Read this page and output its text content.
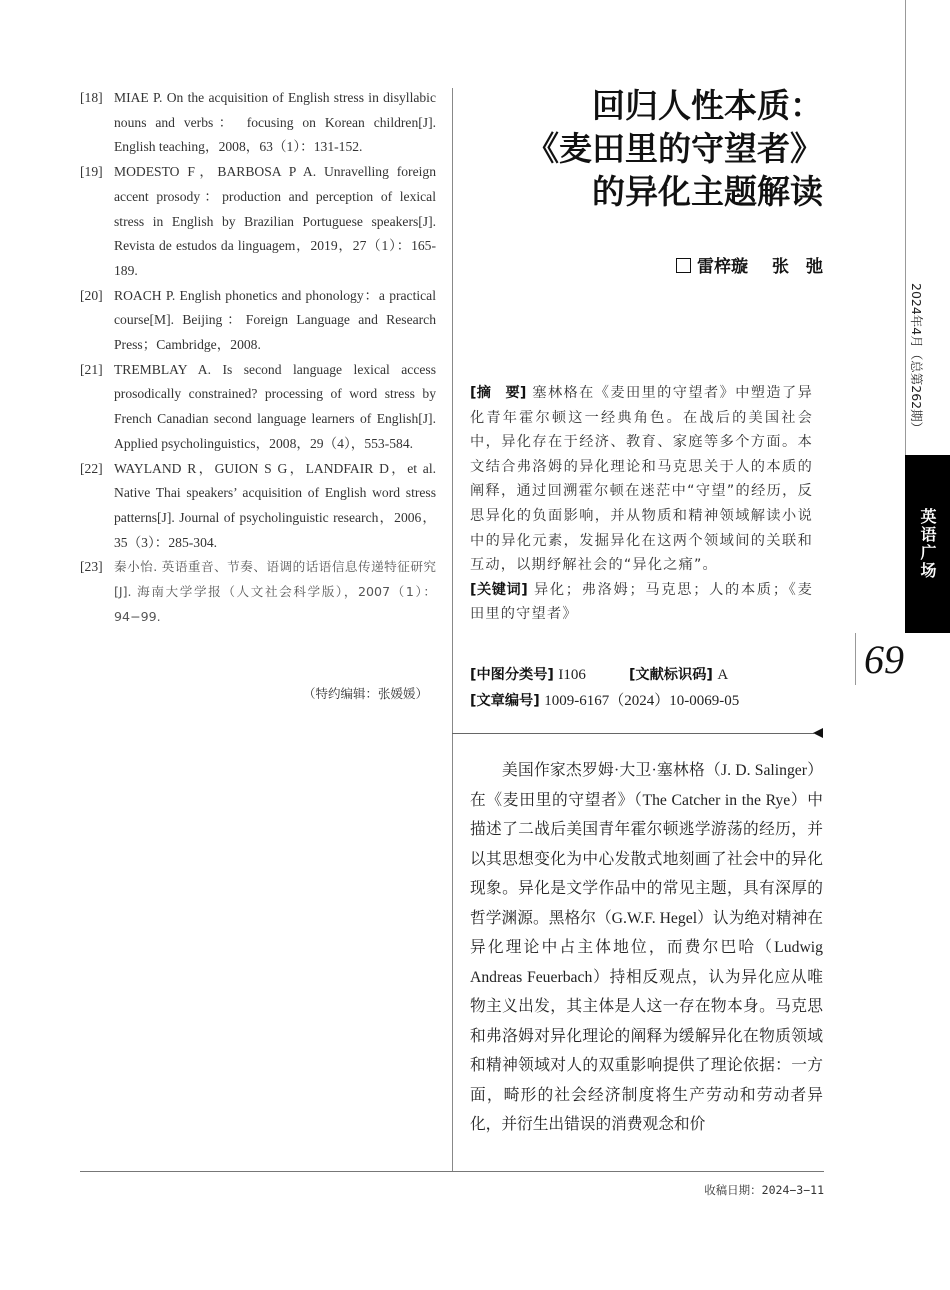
[18] MIAE P. On the acquisition of English stress in disyllabic nouns and verbs： focusing on Korean children[J]. English teaching，2008，63（1）：131-152.
[19] MODESTO F，BARBOSA P A. Unravelling foreign accent prosody：production and perception of lexical stress in English by Brazilian Portuguese speakers[J]. Revista de estudos da linguagem，2019，27（1）：165-189.
[20] ROACH P. English phonetics and phonology：a practical course[M]. Beijing：Foreign Language and Research Press；Cambridge，2008.
[21] TREMBLAY A. Is second language lexical access prosodically constrained? processing of word stress by French Canadian second language learners of English[J]. Applied psycholinguistics，2008，29（4），553-584.
[22] WAYLAND R，GUION S G，LANDFAIR D，et al. Native Thai speakers’ acquisition of English word stress patterns[J]. Journal of psycholinguistic research，2006，35（3）：285-304.
[23] 秦小怡. 英语重音、节奏、语调的话语信息传递特征研究[J]. 海南大学学报（人文社会科学版），2007（1）：94−99.
（特约编辑：张媛媛）
回归人性本质：
《麦田里的守望者》
的异化主题解读
雷梓璇 张　弛
[摘　要] 塞林格在《麦田里的守望者》中塑造了异化青年霍尔顿这一经典角色。在战后的美国社会中，异化存在于经济、教育、家庭等多个方面。本文结合弗洛姆的异化理论和马克思关于人的本质的阐释，通过回溯霍尔顿在迷茫中“守望”的经历，反思异化的负面影响，并从物质和精神领域解读小说中的异化元素，发掘异化在这两个领域间的关联和互动，以期纾解社会的“异化之痛”。
[关键词] 异化；弗洛姆；马克思；人的本质；《麦田里的守望者》
[中图分类号] I106	[文献标识码] A
[文章编号] 1009-6167（2024）10-0069-05
美国作家杰罗姆·大卫·塞林格（J. D. Salinger）在《麦田里的守望者》（The Catcher in the Rye）中描述了二战后美国青年霍尔顿逃学游荡的经历，并以其思想变化为中心发散式地刻画了社会中的异化现象。异化是文学作品中的常见主题，具有深厚的哲学渊源。黑格尔（G.W.F. Hegel）认为绝对精神在异化理论中占主体地位，而费尔巴哈（Ludwig Andreas Feuerbach）持相反观点，认为异化应从唯物主义出发，其主体是人这一存在物本身。马克思和弗洛姆对异化理论的阐释为缓解异化在物质领域和精神领域对人的双重影响提供了理论依据：一方面，畸形的社会经济制度将生产劳动和劳动者异化，并衍生出错误的消费观念和价
收稿日期：2024−3−11
2024年4月（总第262期）
英语广场
69
